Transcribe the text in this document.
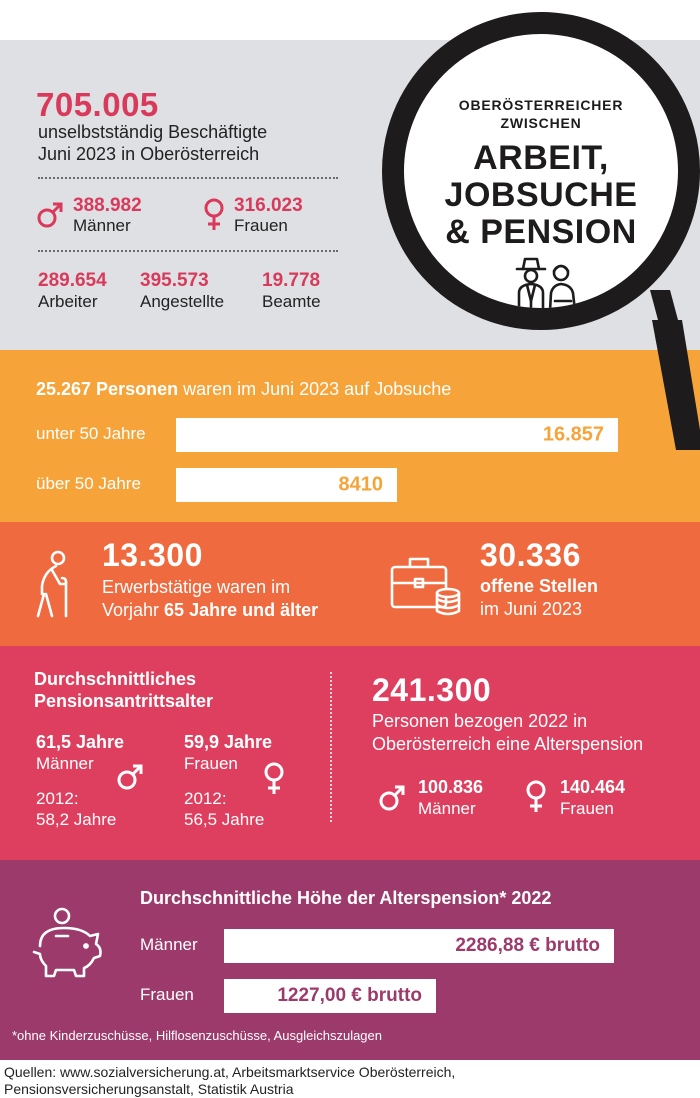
705.005
unselbstständig Beschäftigte
Juni 2023 in Oberösterreich
388.982
Männer
316.023
Frauen
289.654
Arbeiter
395.573
Angestellte
19.778
Beamte
OBERÖSTERREICHER
ZWISCHEN
ARBEIT,
JOBSUCHE
& PENSION
25.267 Personen waren im Juni 2023 auf Jobsuche
unter 50 Jahre	16.857
über 50 Jahre	8410
13.300
Erwerbstätige waren im
Vorjahr 65 Jahre und älter
30.336
offene Stellen
im Juni 2023
Durchschnittliches
Pensionsantrittsalter
61,5 Jahre
Männer
2012:
58,2 Jahre
59,9 Jahre
Frauen
2012:
56,5 Jahre
241.300
Personen bezogen 2022 in
Oberösterreich eine Alterspension
100.836
Männer
140.464
Frauen
Durchschnittliche Höhe der Alterspension* 2022
Männer	2286,88 € brutto
Frauen	1227,00 € brutto
*ohne Kinderzuschüsse, Hilflosenzuschüsse, Ausgleichszulagen
Quellen: www.sozialversicherung.at, Arbeitsmarktservice Oberösterreich,
Pensionsversicherungsanstalt, Statistik Austria
